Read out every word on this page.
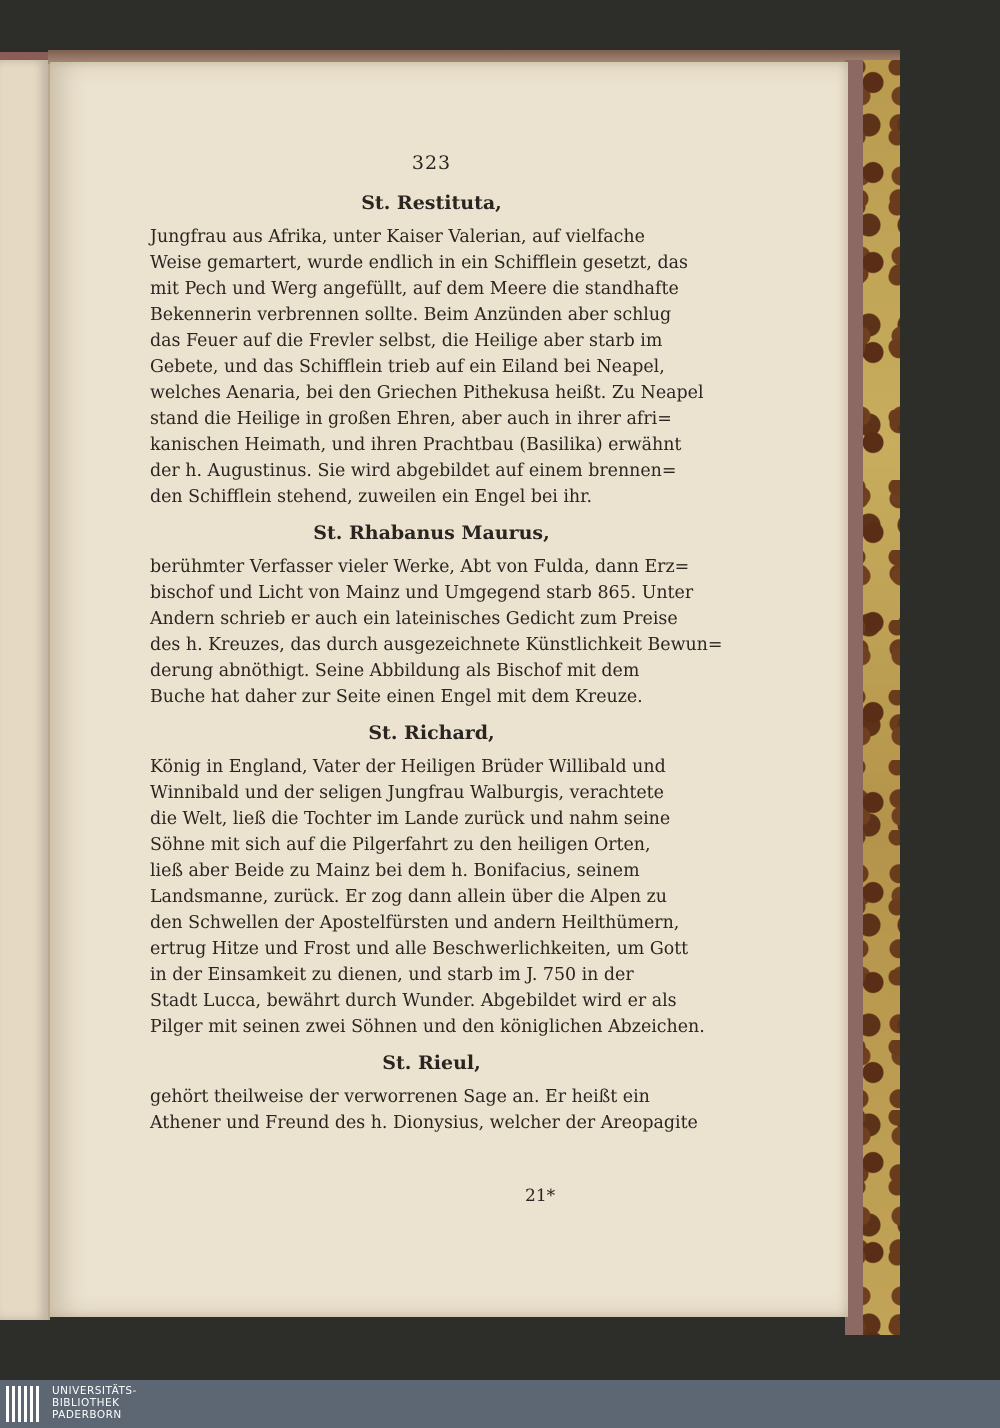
323
St. Restituta,
Jungfrau aus Afrika, unter Kaiser Valerian, auf vielfache
Weise gemartert, wurde endlich in ein Schifflein gesetzt, das
mit Pech und Werg angefüllt, auf dem Meere die standhafte
Bekennerin verbrennen sollte. Beim Anzünden aber schlug
das Feuer auf die Frevler selbst, die Heilige aber starb im
Gebete, und das Schifflein trieb auf ein Eiland bei Neapel,
welches Aenaria, bei den Griechen Pithekusa heißt. Zu Neapel
stand die Heilige in großen Ehren, aber auch in ihrer afri=
kanischen Heimath, und ihren Prachtbau (Basilika) erwähnt
der h. Augustinus. Sie wird abgebildet auf einem brennen=
den Schifflein stehend, zuweilen ein Engel bei ihr.
St. Rhabanus Maurus,
berühmter Verfasser vieler Werke, Abt von Fulda, dann Erz=
bischof und Licht von Mainz und Umgegend starb 865. Unter
Andern schrieb er auch ein lateinisches Gedicht zum Preise
des h. Kreuzes, das durch ausgezeichnete Künstlichkeit Bewun=
derung abnöthigt. Seine Abbildung als Bischof mit dem
Buche hat daher zur Seite einen Engel mit dem Kreuze.
St. Richard,
König in England, Vater der Heiligen Brüder Willibald und
Winnibald und der seligen Jungfrau Walburgis, verachtete
die Welt, ließ die Tochter im Lande zurück und nahm seine
Söhne mit sich auf die Pilgerfahrt zu den heiligen Orten,
ließ aber Beide zu Mainz bei dem h. Bonifacius, seinem
Landsmanne, zurück. Er zog dann allein über die Alpen zu
den Schwellen der Apostelfürsten und andern Heilthümern,
ertrug Hitze und Frost und alle Beschwerlichkeiten, um Gott
in der Einsamkeit zu dienen, und starb im J. 750 in der
Stadt Lucca, bewährt durch Wunder. Abgebildet wird er als
Pilger mit seinen zwei Söhnen und den königlichen Abzeichen.
St. Rieul,
gehört theilweise der verworrenen Sage an. Er heißt ein
Athener und Freund des h. Dionysius, welcher der Areopagite
21*
UNIVERSITÄTS-
BIBLIOTHEK
PADERBORN
